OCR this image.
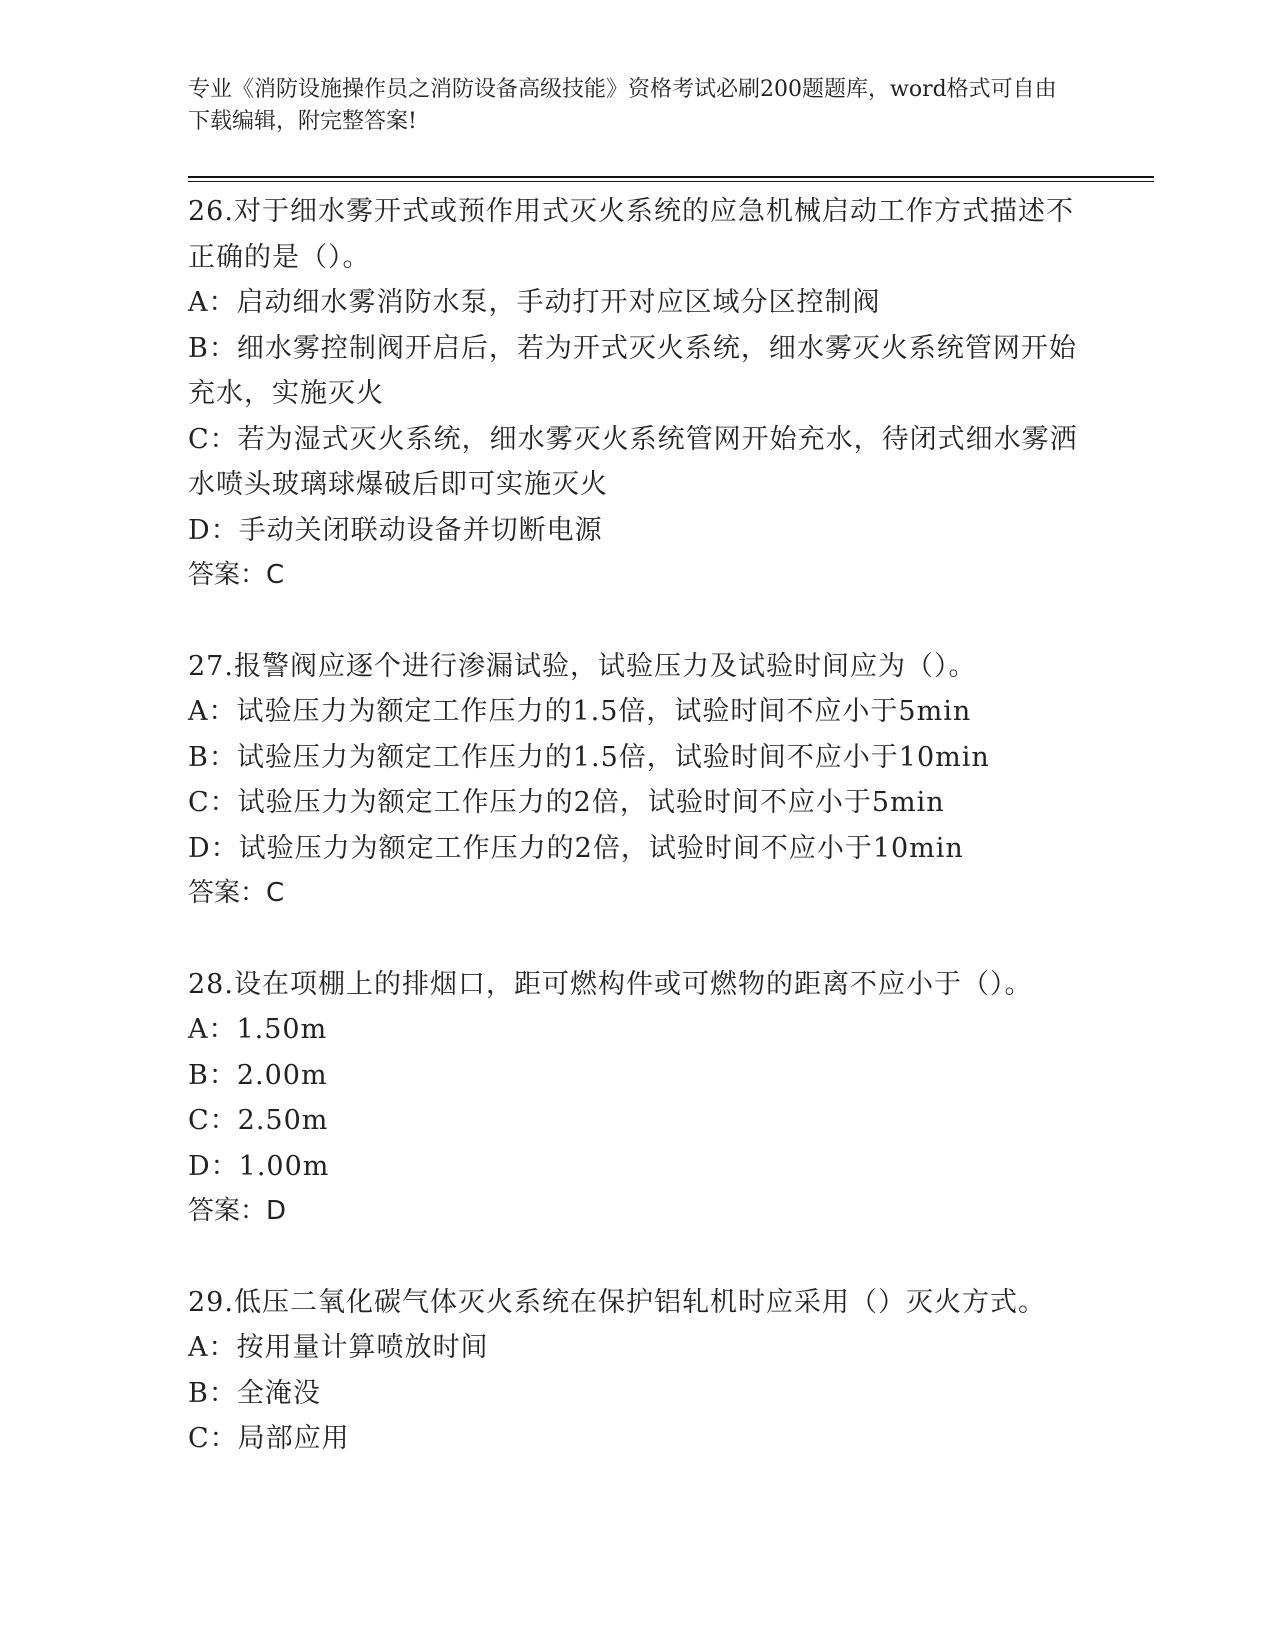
专业《消防设施操作员之消防设备高级技能》资格考试必刷200题题库，word格式可自由下载编辑，附完整答案!
26.对于细水雾开式或预作用式灭火系统的应急机械启动工作方式描述不正确的是（）。
A：启动细水雾消防水泵，手动打开对应区域分区控制阀
B：细水雾控制阀开启后，若为开式灭火系统，细水雾灭火系统管网开始充水，实施灭火
C：若为湿式灭火系统，细水雾灭火系统管网开始充水，待闭式细水雾洒水喷头玻璃球爆破后即可实施灭火
D：手动关闭联动设备并切断电源
答案：C
27.报警阀应逐个进行渗漏试验，试验压力及试验时间应为（）。
A：试验压力为额定工作压力的1.5倍，试验时间不应小于5min
B：试验压力为额定工作压力的1.5倍，试验时间不应小于10min
C：试验压力为额定工作压力的2倍，试验时间不应小于5min
D：试验压力为额定工作压力的2倍，试验时间不应小于10min
答案：C
28.设在项棚上的排烟口，距可燃构件或可燃物的距离不应小于（）。
A：1.50m
B：2.00m
C：2.50m
D：1.00m
答案：D
29.低压二氧化碳气体灭火系统在保护铝轧机时应采用（）灭火方式。
A：按用量计算喷放时间
B：全淹没
C：局部应用
